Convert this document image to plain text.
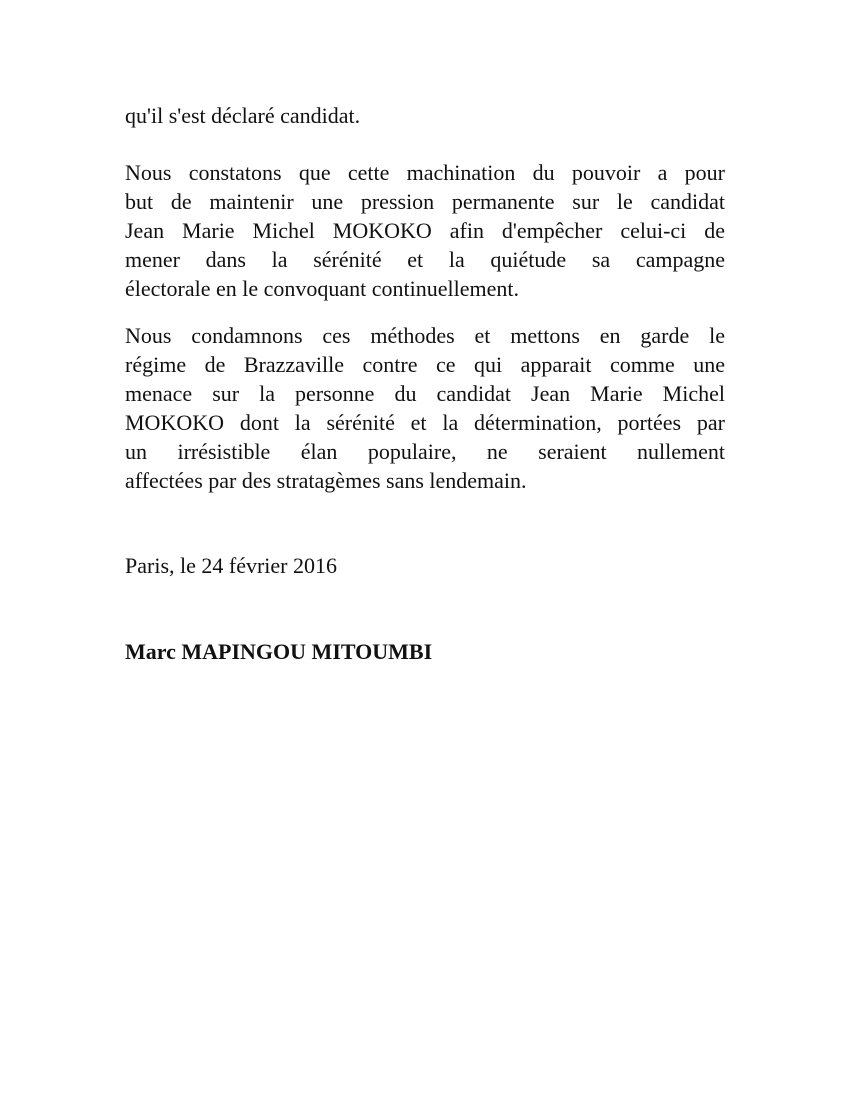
qu'il s'est déclaré candidat.
Nous constatons que cette machination du pouvoir a pour
but de maintenir une pression permanente sur le candidat
Jean Marie Michel MOKOKO afin d'empêcher celui-ci de
mener dans la sérénité et la quiétude sa campagne
électorale en le convoquant continuellement.
Nous condamnons ces méthodes et mettons en garde le
régime de Brazzaville contre ce qui apparait comme une
menace sur la personne du candidat Jean Marie Michel
MOKOKO dont la sérénité et la détermination, portées par
un irrésistible élan populaire, ne seraient nullement
affectées par des stratagèmes sans lendemain.
Paris, le 24 février 2016
Marc MAPINGOU MITOUMBI
